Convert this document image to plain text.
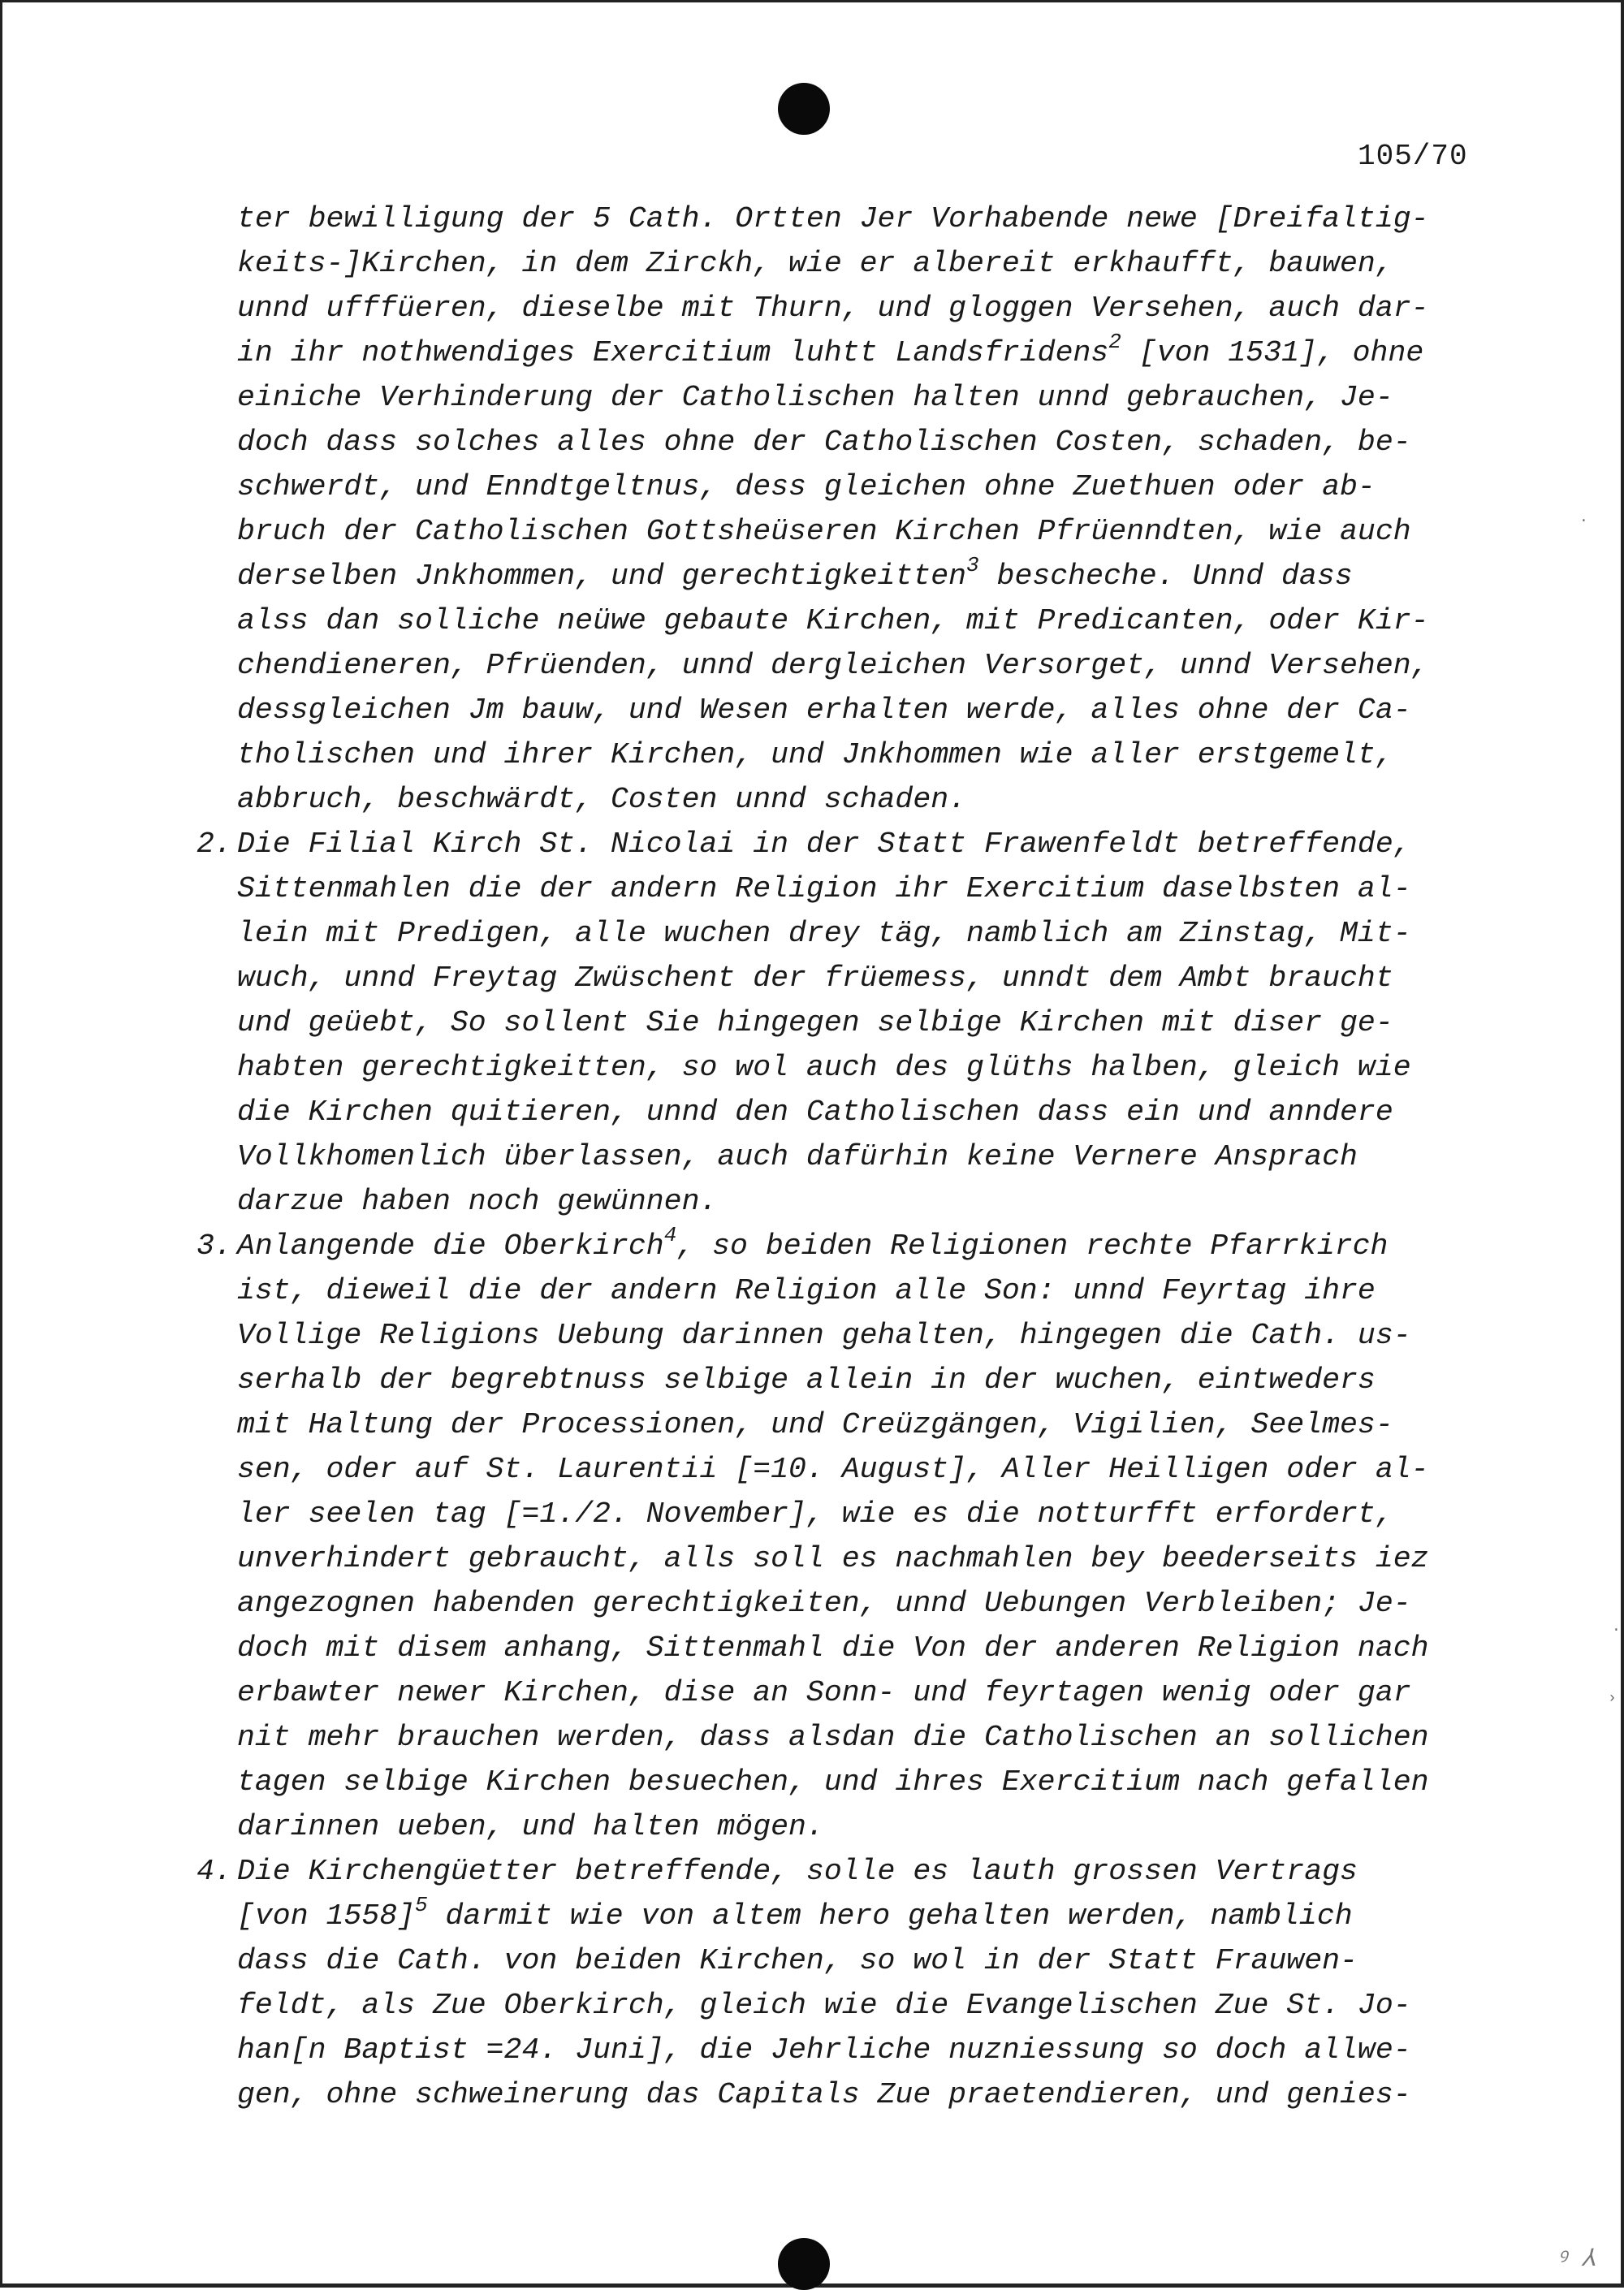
105/70
ter bewilligung der 5 Cath. Ortten Jer Vorhabende newe [Dreifaltig-
keits-]Kirchen, in dem Zirckh, wie er albereit erkhaufft, bauwen,
unnd ufffüeren, dieselbe mit Thurn, und gloggen Versehen, auch dar-
in ihr nothwendiges Exercitium luhtt Landsfridens$^2$ [von 1531], ohne
einiche Verhinderung der Catholischen halten unnd gebrauchen, Je-
doch dass solches alles ohne der Catholischen Costen, schaden, be-
schwerdt, und Enndtgeltnus, dess gleichen ohne Zuethuen oder ab-
bruch der Catholischen Gottsheüseren Kirchen Pfrüenndten, wie auch
derselben Jnkhommen, und gerechtigkeitten$^3$ bescheche. Unnd dass
alss dan solliche neüwe gebaute Kirchen, mit Predicanten, oder Kir-
chendieneren, Pfrüenden, unnd dergleichen Versorget, unnd Versehen,
dessgleichen Jm bauw, und Wesen erhalten werde, alles ohne der Ca-
tholischen und ihrer Kirchen, und Jnkhommen wie aller erstgemelt,
abbruch, beschwärdt, Costen unnd schaden.
2. Die Filial Kirch St. Nicolai in der Statt Frawenfeldt betreffende,
Sittenmahlen die der andern Religion ihr Exercitium daselbsten al-
lein mit Predigen, alle wuchen drey täg, namblich am Zinstag, Mit-
wuch, unnd Freytag Zwüschent der früemess, unndt dem Ambt braucht
und geüebt, So sollent Sie hingegen selbige Kirchen mit diser ge-
habten gerechtigkeitten, so wol auch des glüths halben, gleich wie
die Kirchen quitieren, unnd den Catholischen dass ein und anndere
Vollkhomenlich überlassen, auch dafürhin keine Vernere Ansprach
darzue haben noch gewünnen.
3. Anlangende die Oberkirch$^4$, so beiden Religionen rechte Pfarrkirch
ist, dieweil die der andern Religion alle Son: unnd Feyrtag ihre
Vollige Religions Uebung darinnen gehalten, hingegen die Cath. us-
serhalb der begrebtnuss selbige allein in der wuchen, eintweders
mit Haltung der Processionen, und Creüzgängen, Vigilien, Seelmes-
sen, oder auf St. Laurentii [=10. August], Aller Heilligen oder al-
ler seelen tag [=1./2. November], wie es die notturfft erfordert,
unverhindert gebraucht, alls soll es nachmahlen bey beederseits iez
angezognen habenden gerechtigkeiten, unnd Uebungen Verbleiben; Je-
doch mit disem anhang, Sittenmahl die Von der anderen Religion nach
erbawter newer Kirchen, dise an Sonn- und feyrtagen wenig oder gar
nit mehr brauchen werden, dass alsdan die Catholischen an sollichen
tagen selbige Kirchen besuechen, und ihres Exercitium nach gefallen
darinnen ueben, und halten mögen.
4. Die Kirchengüetter betreffende, solle es lauth grossen Vertrags
[von 1558]$^5$ darmit wie von altem hero gehalten werden, namblich
dass die Cath. von beiden Kirchen, so wol in der Statt Frauwen-
feldt, als Zue Oberkirch, gleich wie die Evangelischen Zue St. Jo-
han[n Baptist =24. Juni], die Jehrliche nuzniessung so doch allwe-
gen, ohne schweinerung das Capitals Zue praetendieren, und genies-
·
·
›
ꝰ ⅄
